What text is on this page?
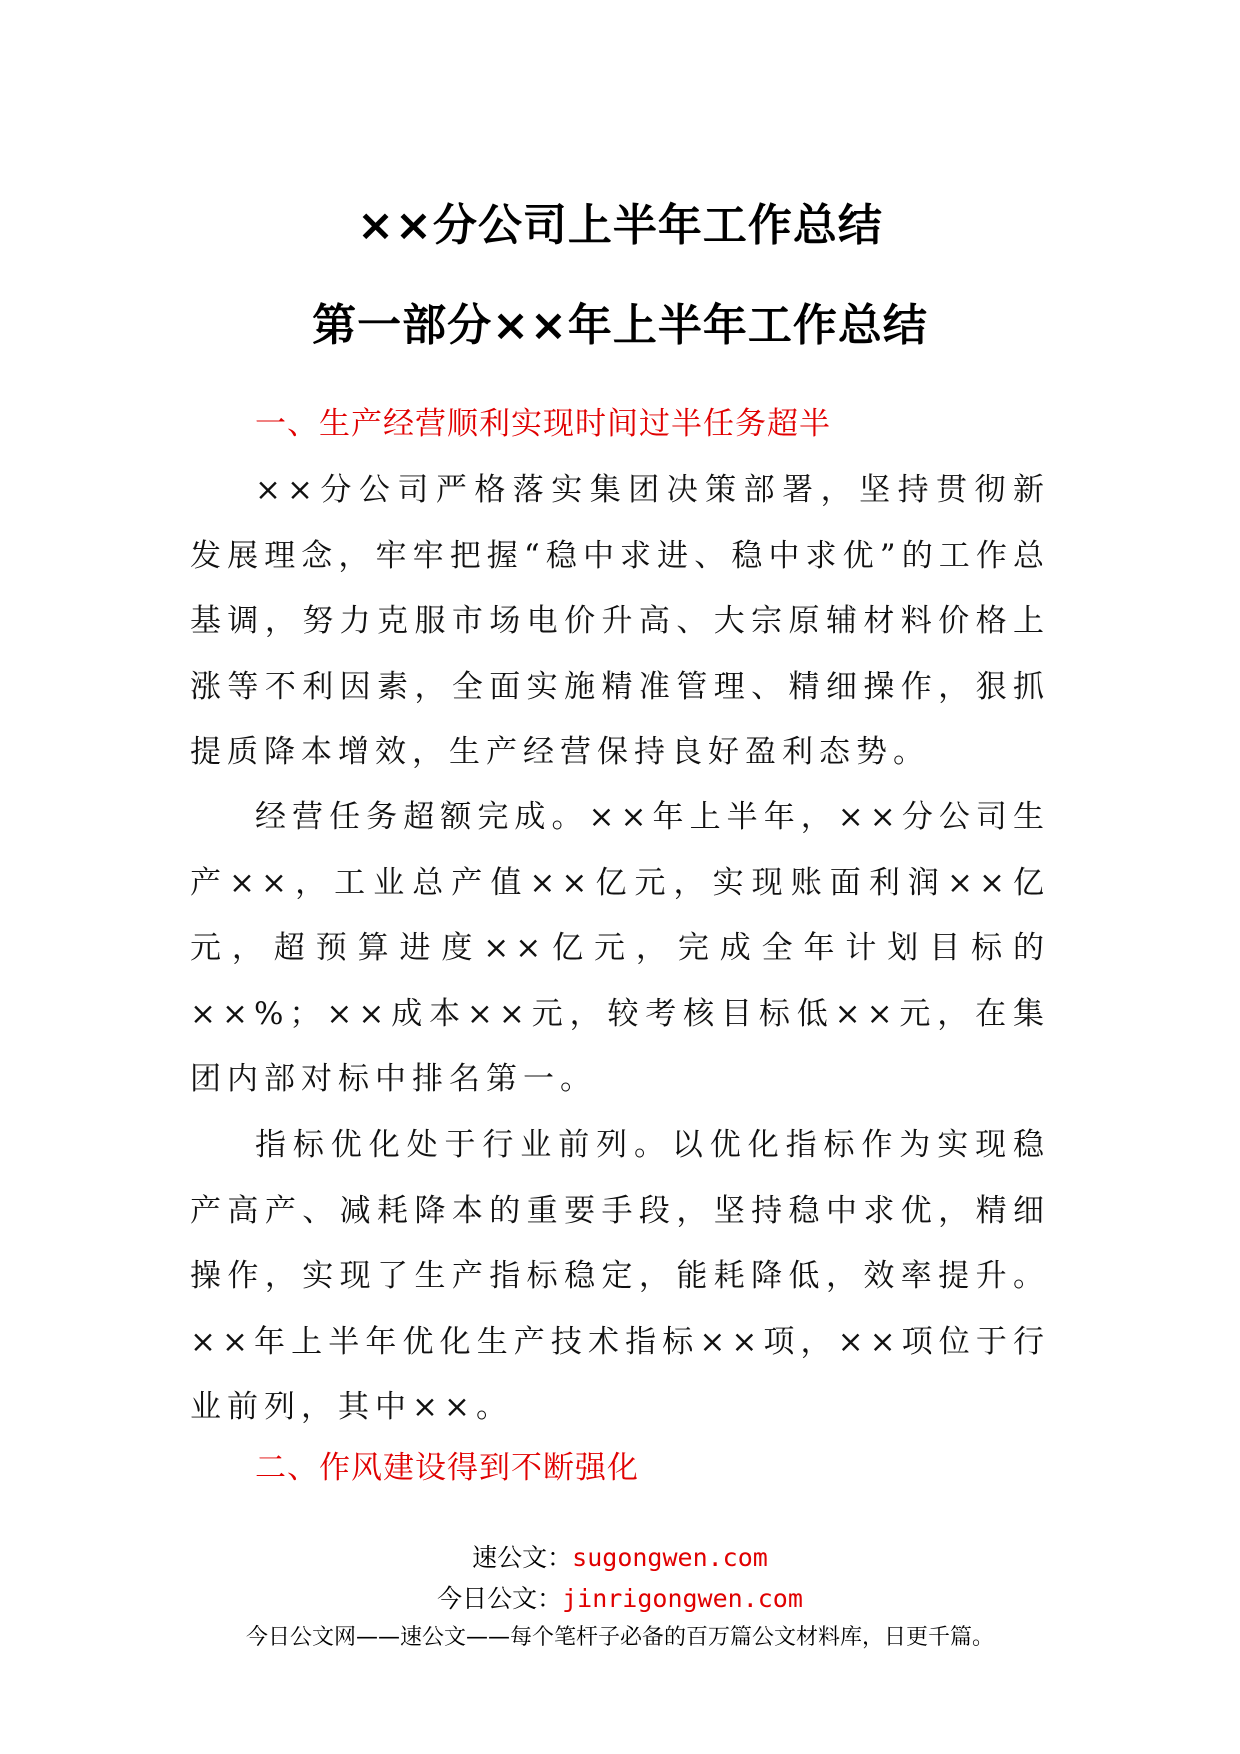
××分公司上半年工作总结
第一部分××年上半年工作总结
一、生产经营顺利实现时间过半任务超半

××分公司严格落实集团决策部署，坚持贯彻新发展理念，牢牢把握“稳中求进、稳中求优”的工作总基调，努力克服市场电价升高、大宗原辅材料价格上涨等不利因素，全面实施精准管理、精细操作，狠抓提质降本增效，生产经营保持良好盈利态势。

经营任务超额完成。××年上半年，××分公司生产××，工业总产值××亿元，实现账面利润××亿元，超预算进度××亿元，完成全年计划目标的××%；××成本××元，较考核目标低××元，在集团内部对标中排名第一。

指标优化处于行业前列。以优化指标作为实现稳产高产、减耗降本的重要手段，坚持稳中求优，精细操作，实现了生产指标稳定，能耗降低，效率提升。××年上半年优化生产技术指标××项，××项位于行业前列，其中××。

二、作风建设得到不断强化
速公文：sugongwen.com
今日公文：jinrigongwen.com
今日公文网——速公文——每个笔杆子必备的百万篇公文材料库，日更千篇。
